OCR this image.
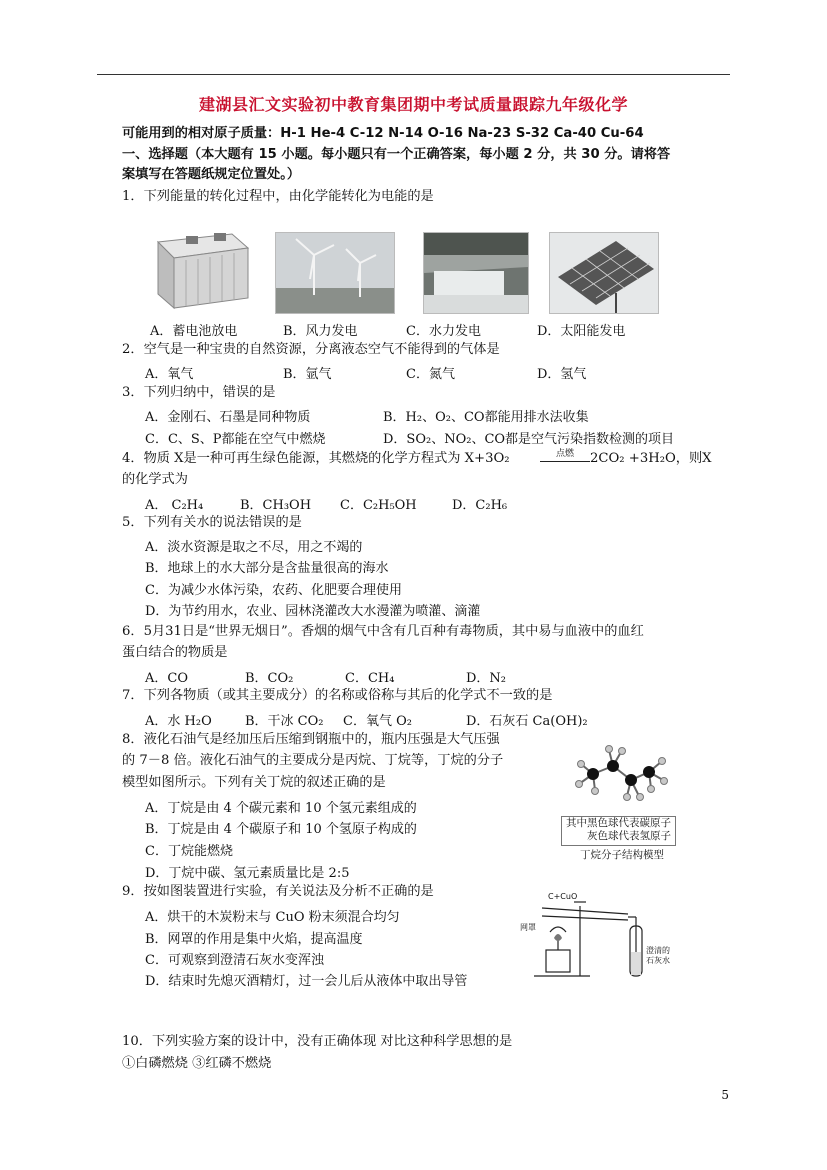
建湖县汇文实验初中教育集团期中考试质量跟踪九年级化学
可能用到的相对原子质量：H-1 He-4 C-12 N-14 O-16 Na-23 S-32 Ca-40 Cu-64
一、选择题（本大题有 15 小题。每小题只有一个正确答案，每小题 2 分，共 30 分。请将答
案填写在答题纸规定位置处。）
1．下列能量的转化过程中，由化学能转化为电能的是
A．蓄电池放电	B．风力发电	C．水力发电	D．太阳能发电
2．空气是一种宝贵的自然资源，分离液态空气不能得到的气体是
A．氧气	B．氩气	C．氮气	D．氢气
3．下列归纳中，错误的是
A．金刚石、石墨是同种物质	B．H₂、O₂、CO都能用排水法收集
C．C、S、P都能在空气中燃烧	D．SO₂、NO₂、CO都是空气污染指数检测的项目
4．物质 X是一种可再生绿色能源，其燃烧的化学方程式为 X+3O₂	点燃	2CO₂ +3H₂O，则X
的化学式为
A． C₂H₄	B．CH₃OH C．C₂H₅OH	D．C₂H₆
5．下列有关水的说法错误的是
A．淡水资源是取之不尽，用之不竭的
B．地球上的水大部分是含盐量很高的海水
C．为减少水体污染，农药、化肥要合理使用
D．为节约用水，农业、园林浇灌改大水漫灌为喷灌、滴灌
6．5月31日是“世界无烟日”。香烟的烟气中含有几百种有毒物质，其中易与血液中的血红
蛋白结合的物质是
A．CO	B．CO₂	C．CH₄	D．N₂
7．下列各物质（或其主要成分）的名称或俗称与其后的化学式不一致的是
A．水 H₂O	B．干冰 CO₂ C．氧气 O₂	D．石灰石 Ca(OH)₂
8．液化石油气是经加压后压缩到钢瓶中的，瓶内压强是大气压强
的 7－8 倍。液化石油气的主要成分是丙烷、丁烷等，丁烷的分子
模型如图所示。下列有关丁烷的叙述正确的是
A．丁烷是由 4 个碳元素和 10 个氢元素组成的
B．丁烷是由 4 个碳原子和 10 个氢原子构成的
C．丁烷能燃烧
D．丁烷中碳、氢元素质量比是 2:5
其中黑色球代表碳原子
灰色球代表氢原子
丁烷分子结构模型
9．按如图装置进行实验，有关说法及分析不正确的是
A．烘干的木炭粉末与 CuO 粉末须混合均匀
B．网罩的作用是集中火焰，提高温度
C．可观察到澄清石灰水变浑浊
D．结束时先熄灭酒精灯，过一会儿后从液体中取出导管
C+CuO
网罩
澄清的
石灰水
10．下列实验方案的设计中，没有正确体现 对比这种科学思想的是
①白磷燃烧 ③红磷不燃烧
5
